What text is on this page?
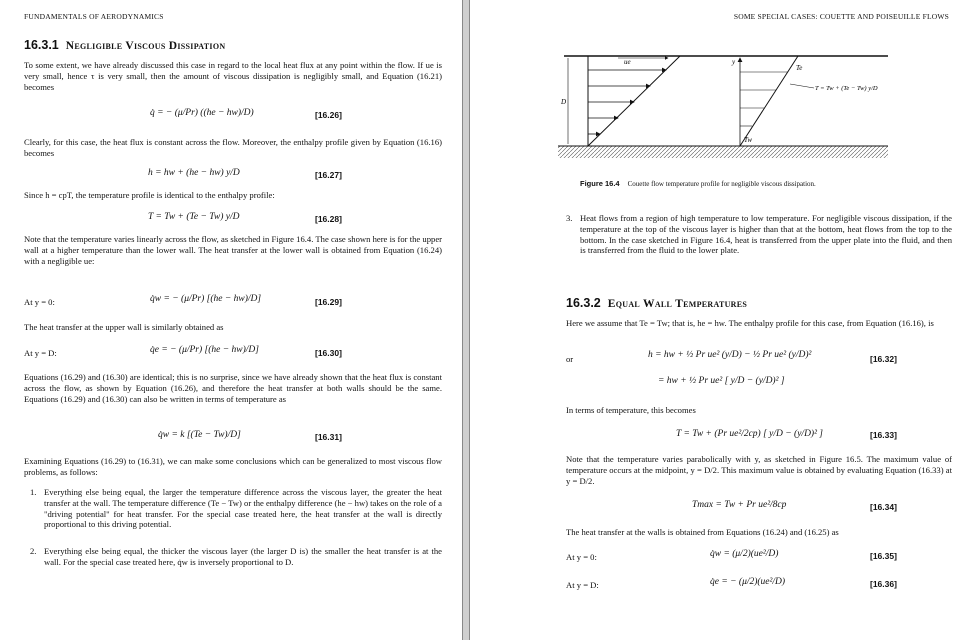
FUNDAMENTALS OF AERODYNAMICS
16.3.1 Negligible Viscous Dissipation
To some extent, we have already discussed this case in regard to the local heat flux at any point within the flow. If ue is very small, hence τ is very small, then the amount of viscous dissipation is negligibly small, and Equation (16.21) becomes
q̇ = − (μ/Pr) ((he − hw)/D)	[16.26]
Clearly, for this case, the heat flux is constant across the flow. Moreover, the enthalpy profile given by Equation (16.16) becomes
h = hw + (he − hw) y/D	[16.27]
Since h = cpT, the temperature profile is identical to the enthalpy profile:
T = Tw + (Te − Tw) y/D	[16.28]
Note that the temperature varies linearly across the flow, as sketched in Figure 16.4. The case shown here is for the upper wall at a higher temperature than the lower wall. The heat transfer at the lower wall is obtained from Equation (16.24) with a negligible ue:
At y = 0:	q̇w = − (μ/Pr) [(he − hw)/D]	[16.29]
The heat transfer at the upper wall is similarly obtained as
At y = D:	q̇e = − (μ/Pr) [(he − hw)/D]	[16.30]
Equations (16.29) and (16.30) are identical; this is no surprise, since we have already shown that the heat flux is constant across the flow, as shown by Equation (16.26), and therefore the heat transfer at both walls should be the same. Equations (16.29) and (16.30) can also be written in terms of temperature as
q̇w = k [(Te − Tw)/D]	[16.31]
Examining Equations (16.29) to (16.31), we can make some conclusions which can be generalized to most viscous flow problems, as follows:
1. Everything else being equal, the larger the temperature difference across the viscous layer, the greater the heat transfer at the wall. The temperature difference (Te − Tw) or the enthalpy difference (he − hw) takes on the role of a "driving potential" for heat transfer. For the special case treated here, the heat transfer at the wall is directly proportional to this driving potential.
2. Everything else being equal, the thicker the viscous layer (the larger D is) the smaller the heat transfer is at the wall. For the special case treated here, q̇w is inversely proportional to D.
SOME SPECIAL CASES: COUETTE AND POISEUILLE FLOWS
ue	y
D
Te
Tw
T = Tw + (Te − Tw) y/D
Figure 16.4 Couette flow temperature profile for negligible viscous dissipation.
3. Heat flows from a region of high temperature to low temperature. For negligible viscous dissipation, if the temperature at the top of the viscous layer is higher than that at the bottom, heat flows from the top to the bottom. In the case sketched in Figure 16.4, heat is transferred from the upper plate into the fluid, and then is transferred from the fluid to the lower plate.
16.3.2 Equal Wall Temperatures
Here we assume that Te = Tw; that is, he = hw. The enthalpy profile for this case, from Equation (16.16), is
or	h = hw + ½ Pr ue² (y/D) − ½ Pr ue² (y/D)²
= hw + ½ Pr ue² [ y/D − (y/D)² ]
[16.32]
In terms of temperature, this becomes
T = Tw + (Pr ue²/2cp) [ y/D − (y/D)² ]	[16.33]
Note that the temperature varies parabolically with y, as sketched in Figure 16.5. The maximum value of temperature occurs at the midpoint, y = D/2. This maximum value is obtained by evaluating Equation (16.33) at y = D/2.
Tmax = Tw + Pr ue²/8cp	[16.34]
The heat transfer at the walls is obtained from Equations (16.24) and (16.25) as
At y = 0:	q̇w = (μ/2)(ue²/D)	[16.35]
At y = D:	q̇e = − (μ/2)(ue²/D)	[16.36]
